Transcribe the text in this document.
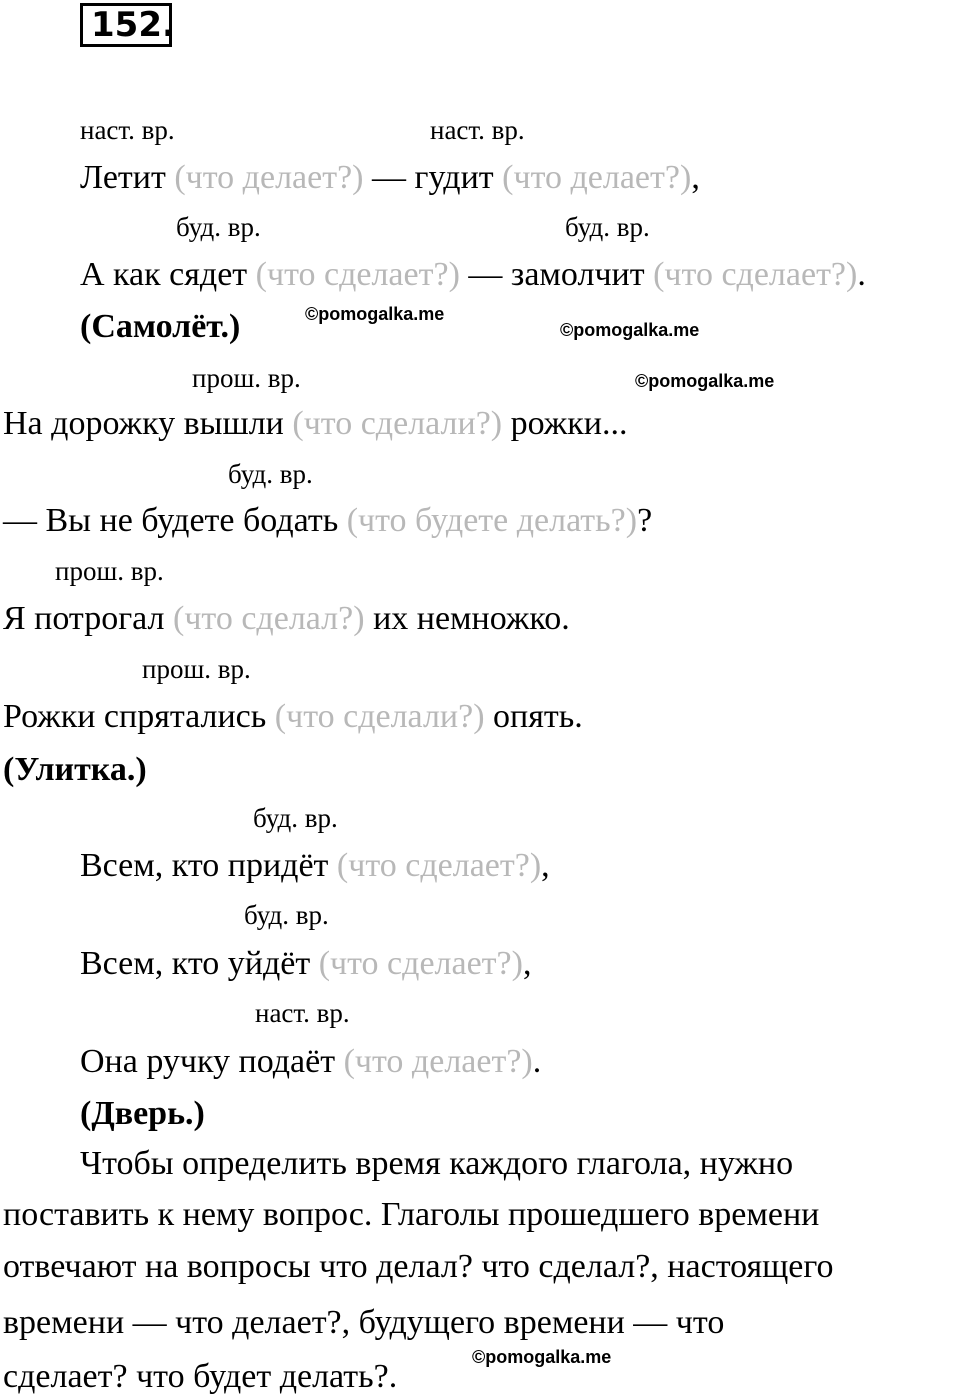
152.
наст. вр.	наст. вр.
Летит (что делает?) — гудит (что делает?),
буд. вр.	буд. вр.
А как сядет (что сделает?) — замолчит (что сделает?).
(Самолёт.)	©pomogalka.me
©pomogalka.me
прош. вр.	©pomogalka.me
На дорожку вышли (что сделали?) рожки...
буд. вр.
— Вы не будете бодать (что будете делать?)?
прош. вр.
Я потрогал (что сделал?) их немножко.
прош. вр.
Рожки спрятались (что сделали?) опять.
(Улитка.)
буд. вр.
Всем, кто придёт (что сделает?),
буд. вр.
Всем, кто уйдёт (что сделает?),
наст. вр.
Она ручку подаёт (что делает?).
(Дверь.)
Чтобы определить время каждого глагола, нужно
поставить к нему вопрос. Глаголы прошедшего времени
отвечают на вопросы что делал? что сделал?, настоящего
времени — что делает?, будущего времени — что
сделает? что будет делать?.
©pomogalka.me
